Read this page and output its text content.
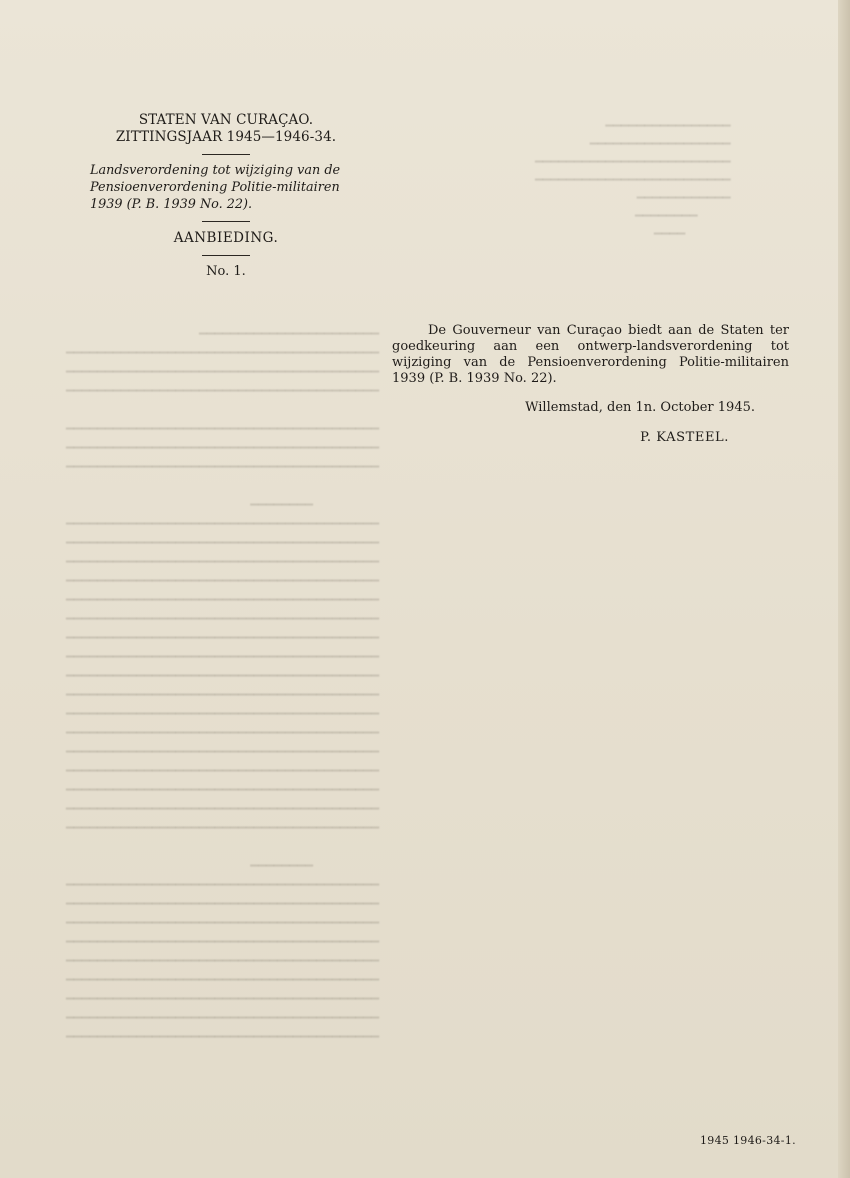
━━━━━━━━━━━━━━━━
━━━━━━━━━━━━━━━━━━
━━━━━━━━━━━━━━━━━━━━━━━━━
━━━━━━━━━━━━━━━━━━━━━━━━━
━━━━━━━━━━━━
━━━━━━━━
━━━━
━━━━━━━━━━━━━━━━━━━━━━━
━━━━━━━━━━━━━━━━━━━━━━━━━━━━━━━━━━━━━━━━
━━━━━━━━━━━━━━━━━━━━━━━━━━━━━━━━━━━━━━━━
━━━━━━━━━━━━━━━━━━━━━━━━━━━━━━━━━━━━━━━━

━━━━━━━━━━━━━━━━━━━━━━━━━━━━━━━━━━━━━━━━
━━━━━━━━━━━━━━━━━━━━━━━━━━━━━━━━━━━━━━━━
━━━━━━━━━━━━━━━━━━━━━━━━━━━━━━━━━━━━━━━━

━━━━━━━━
━━━━━━━━━━━━━━━━━━━━━━━━━━━━━━━━━━━━━━━━
━━━━━━━━━━━━━━━━━━━━━━━━━━━━━━━━━━━━━━━━
━━━━━━━━━━━━━━━━━━━━━━━━━━━━━━━━━━━━━━━━
━━━━━━━━━━━━━━━━━━━━━━━━━━━━━━━━━━━━━━━━
━━━━━━━━━━━━━━━━━━━━━━━━━━━━━━━━━━━━━━━━
━━━━━━━━━━━━━━━━━━━━━━━━━━━━━━━━━━━━━━━━
━━━━━━━━━━━━━━━━━━━━━━━━━━━━━━━━━━━━━━━━
━━━━━━━━━━━━━━━━━━━━━━━━━━━━━━━━━━━━━━━━
━━━━━━━━━━━━━━━━━━━━━━━━━━━━━━━━━━━━━━━━
━━━━━━━━━━━━━━━━━━━━━━━━━━━━━━━━━━━━━━━━
━━━━━━━━━━━━━━━━━━━━━━━━━━━━━━━━━━━━━━━━
━━━━━━━━━━━━━━━━━━━━━━━━━━━━━━━━━━━━━━━━
━━━━━━━━━━━━━━━━━━━━━━━━━━━━━━━━━━━━━━━━
━━━━━━━━━━━━━━━━━━━━━━━━━━━━━━━━━━━━━━━━
━━━━━━━━━━━━━━━━━━━━━━━━━━━━━━━━━━━━━━━━
━━━━━━━━━━━━━━━━━━━━━━━━━━━━━━━━━━━━━━━━
━━━━━━━━━━━━━━━━━━━━━━━━━━━━━━━━━━━━━━━━

━━━━━━━━
━━━━━━━━━━━━━━━━━━━━━━━━━━━━━━━━━━━━━━━━
━━━━━━━━━━━━━━━━━━━━━━━━━━━━━━━━━━━━━━━━
━━━━━━━━━━━━━━━━━━━━━━━━━━━━━━━━━━━━━━━━
━━━━━━━━━━━━━━━━━━━━━━━━━━━━━━━━━━━━━━━━
━━━━━━━━━━━━━━━━━━━━━━━━━━━━━━━━━━━━━━━━
━━━━━━━━━━━━━━━━━━━━━━━━━━━━━━━━━━━━━━━━
━━━━━━━━━━━━━━━━━━━━━━━━━━━━━━━━━━━━━━━━
━━━━━━━━━━━━━━━━━━━━━━━━━━━━━━━━━━━━━━━━
━━━━━━━━━━━━━━━━━━━━━━━━━━━━━━━━━━━━━━━━
STATEN VAN CURAÇAO.
ZITTINGSJAAR 1945—1946-34.
Landsverordening tot wijziging van de Pensioenverordening Politie-militairen 1939 (P. B. 1939 No. 22).
AANBIEDING.
No. 1.
De Gouverneur van Curaçao biedt aan de Staten ter goedkeuring aan een ontwerp-landsverordening tot wijziging van de Pensioenverordening Politie-militairen 1939 (P. B. 1939 No. 22).
Willemstad, den 1n. October 1945.
P. KASTEEL.
1945 1946-34-1.
